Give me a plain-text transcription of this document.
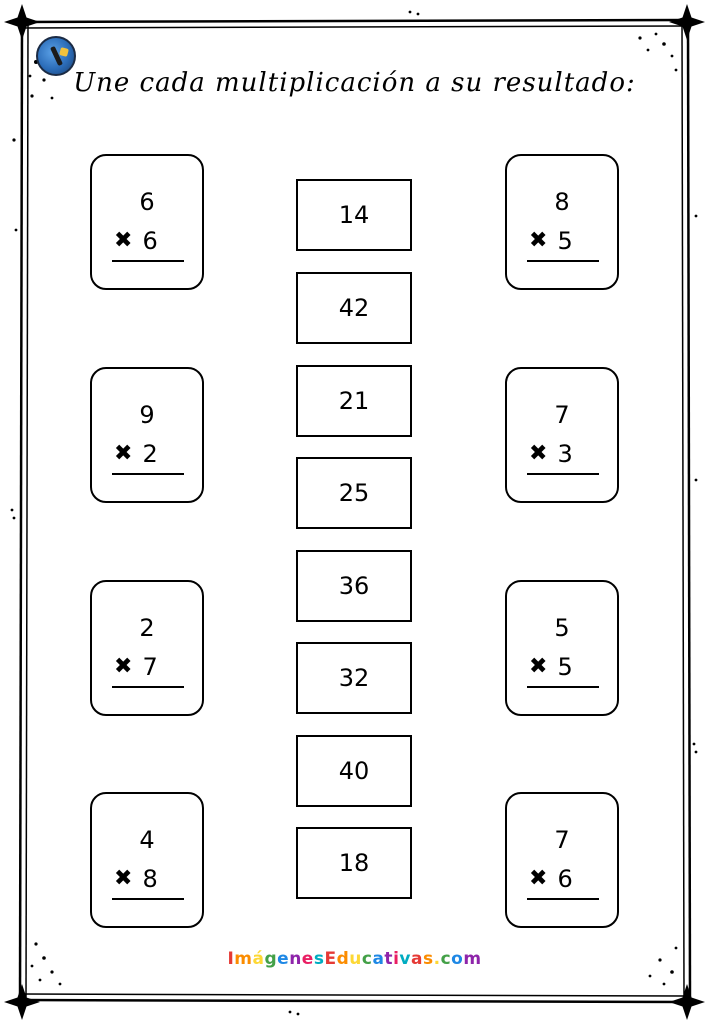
Une cada multiplicación a su resultado:
6
✖ 6
9
✖ 2
2
✖ 7
4
✖ 8
8
✖ 5
7
✖ 3
5
✖ 5
7
✖ 6
14
42
21
25
36
32
40
18
ImágenesEducativas.com
